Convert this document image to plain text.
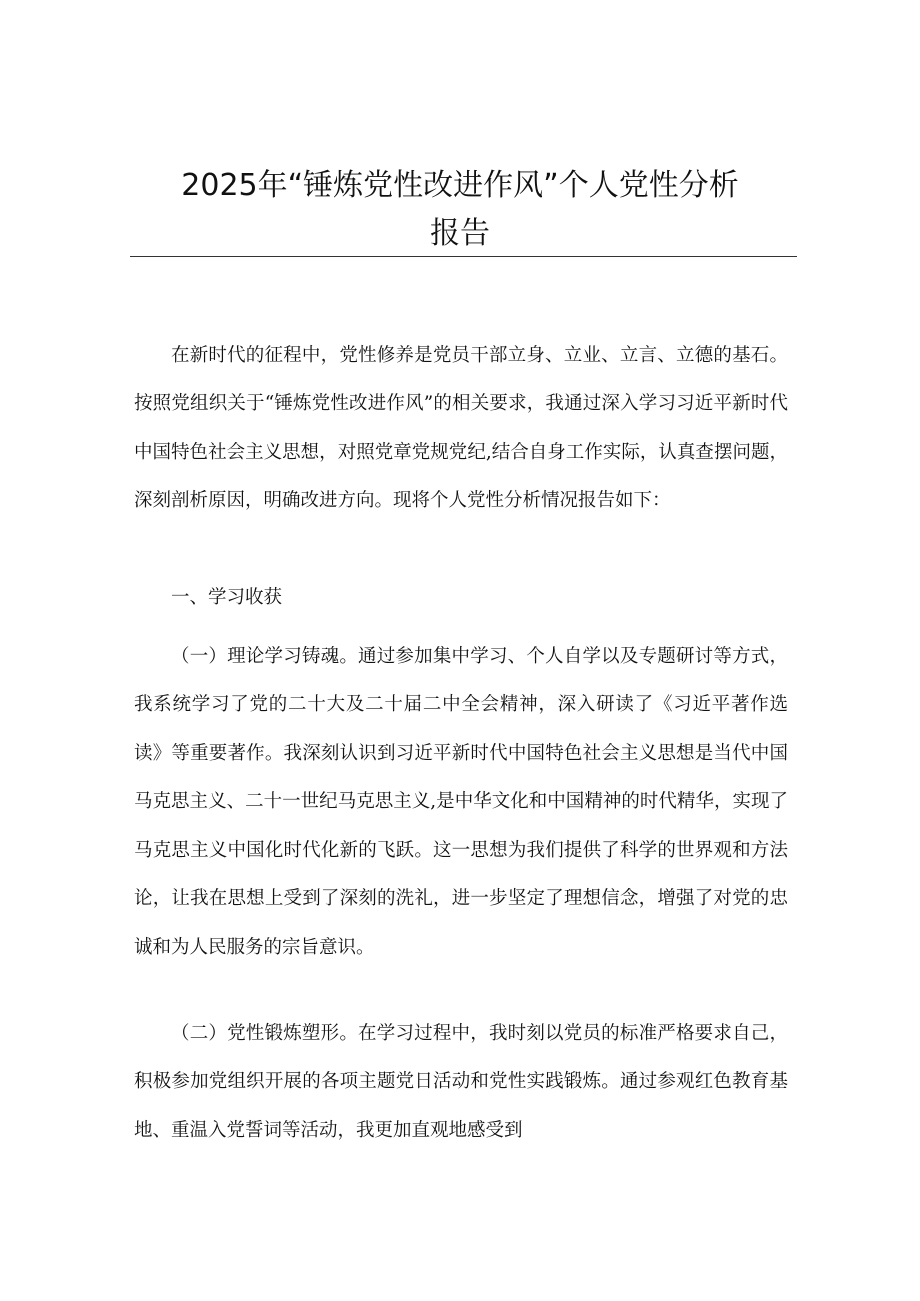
2025年“锤炼党性改进作风”个人党性分析
报告

在新时代的征程中，党性修养是党员干部立身、立业、立言、立德的基石。按照党组织关于“锤炼党性改进作风”的相关要求，我通过深入学习习近平新时代中国特色社会主义思想，对照党章党规党纪,结合自身工作实际，认真查摆问题，深刻剖析原因，明确改进方向。现将个人党性分析情况报告如下：

一、学习收获

（一）理论学习铸魂。通过参加集中学习、个人自学以及专题研讨等方式，我系统学习了党的二十大及二十届二中全会精神，深入研读了《习近平著作选读》等重要著作。我深刻认识到习近平新时代中国特色社会主义思想是当代中国马克思主义、二十一世纪马克思主义,是中华文化和中国精神的时代精华，实现了马克思主义中国化时代化新的飞跃。这一思想为我们提供了科学的世界观和方法论，让我在思想上受到了深刻的洗礼，进一步坚定了理想信念，增强了对党的忠诚和为人民服务的宗旨意识。

（二）党性锻炼塑形。在学习过程中，我时刻以党员的标准严格要求自己，积极参加党组织开展的各项主题党日活动和党性实践锻炼。通过参观红色教育基地、重温入党誓词等活动，我更加直观地感受到
